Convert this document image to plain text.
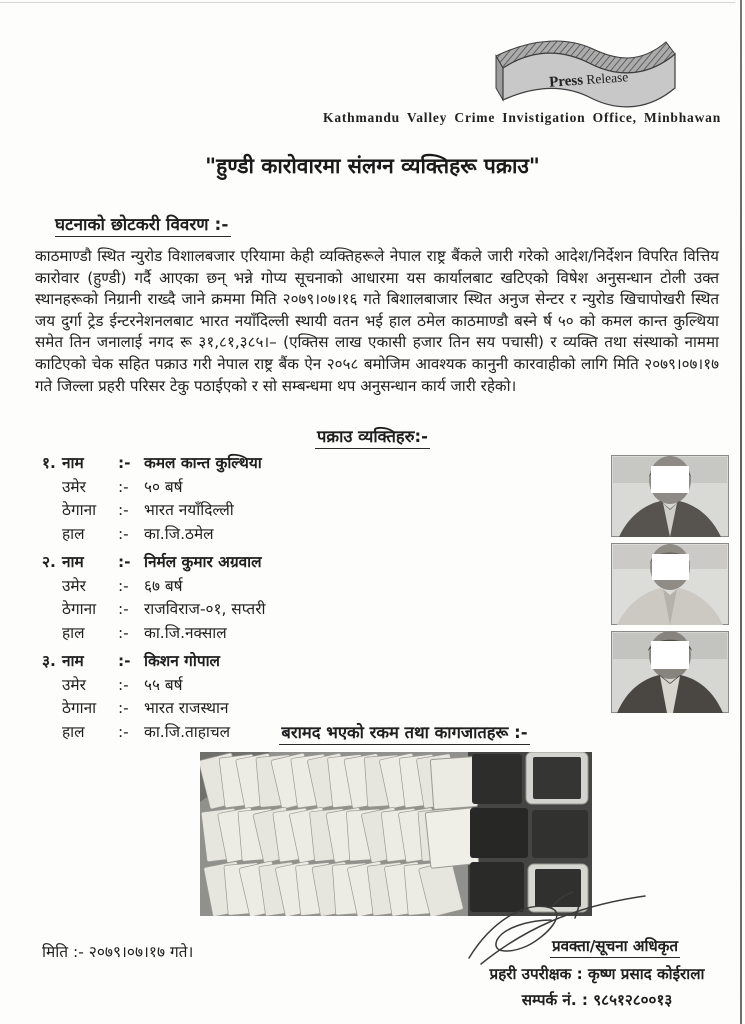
Press Release
Kathmandu Valley Crime Invistigation Office, Minbhawan
"हुण्डी कारोवारमा संलग्न व्यक्तिहरू पक्राउ"
घटनाको छोटकरी विवरण :-
काठमाण्डौ स्थित न्युरोड विशालबजार एरियामा केही व्यक्तिहरूले नेपाल राष्ट्र बैंकले जारी गरेको आदेश/निर्देशन विपरित वित्तिय कारोवार (हुण्डी) गर्दै आएका छन् भन्ने गोप्य सूचनाको आधारमा यस कार्यालबाट खटिएको विषेश अनुसन्धान टोली उक्त स्थानहरूको निग्रानी राख्दै जाने क्रममा मिति २०७९।०७।१६ गते बिशालबाजार स्थित अनुज सेन्टर र न्युरोड खिचापोखरी स्थित जय दुर्गा ट्रेड ईन्टरनेशनलबाट भारत नयाँदिल्ली स्थायी वतन भई हाल ठमेल काठमाण्डौ बस्ने र्ष ५० को कमल कान्त कुल्थिया समेत तिन जनालाई नगद रू ३१,८१,३८५।– (एक्तिस लाख एकासी हजार तिन सय पचासी) र व्यक्ति तथा संस्थाको नाममा काटिएको चेक सहित पक्राउ गरी नेपाल राष्ट्र बैंक ऐन २०५८ बमोजिम आवश्यक कानुनी कारवाहीको लागि मिति २०७९।०७।१७ गते जिल्ला प्रहरी परिसर टेकु पठाईएको र सो सम्बन्धमा थप अनुसन्धान कार्य जारी रहेको।
पक्राउ व्यक्तिहरु:-
१. नाम :- कमल कान्त कुल्थिया
उमेर :- ५० बर्ष
ठेगाना :- भारत नयाँदिल्ली
हाल :- का.जि.ठमेल
२. नाम :- निर्मल कुमार अग्रवाल
उमेर :- ६७ बर्ष
ठेगाना :- राजविराज-०१, सप्तरी
हाल :- का.जि.नक्साल
३. नाम :- किशन गोपाल
उमेर :- ५५ बर्ष
ठेगाना :- भारत राजस्थान
हाल :- का.जि.ताहाचल	बरामद भएको रकम तथा कागजातहरू :-
मिति :- २०७९।०७।१७ गते।	प्रवक्ता/सूचना अधिकृत
प्रहरी उपरीक्षक : कृष्ण प्रसाद कोईराला
सम्पर्क नं. : ९८५१२८००१३
